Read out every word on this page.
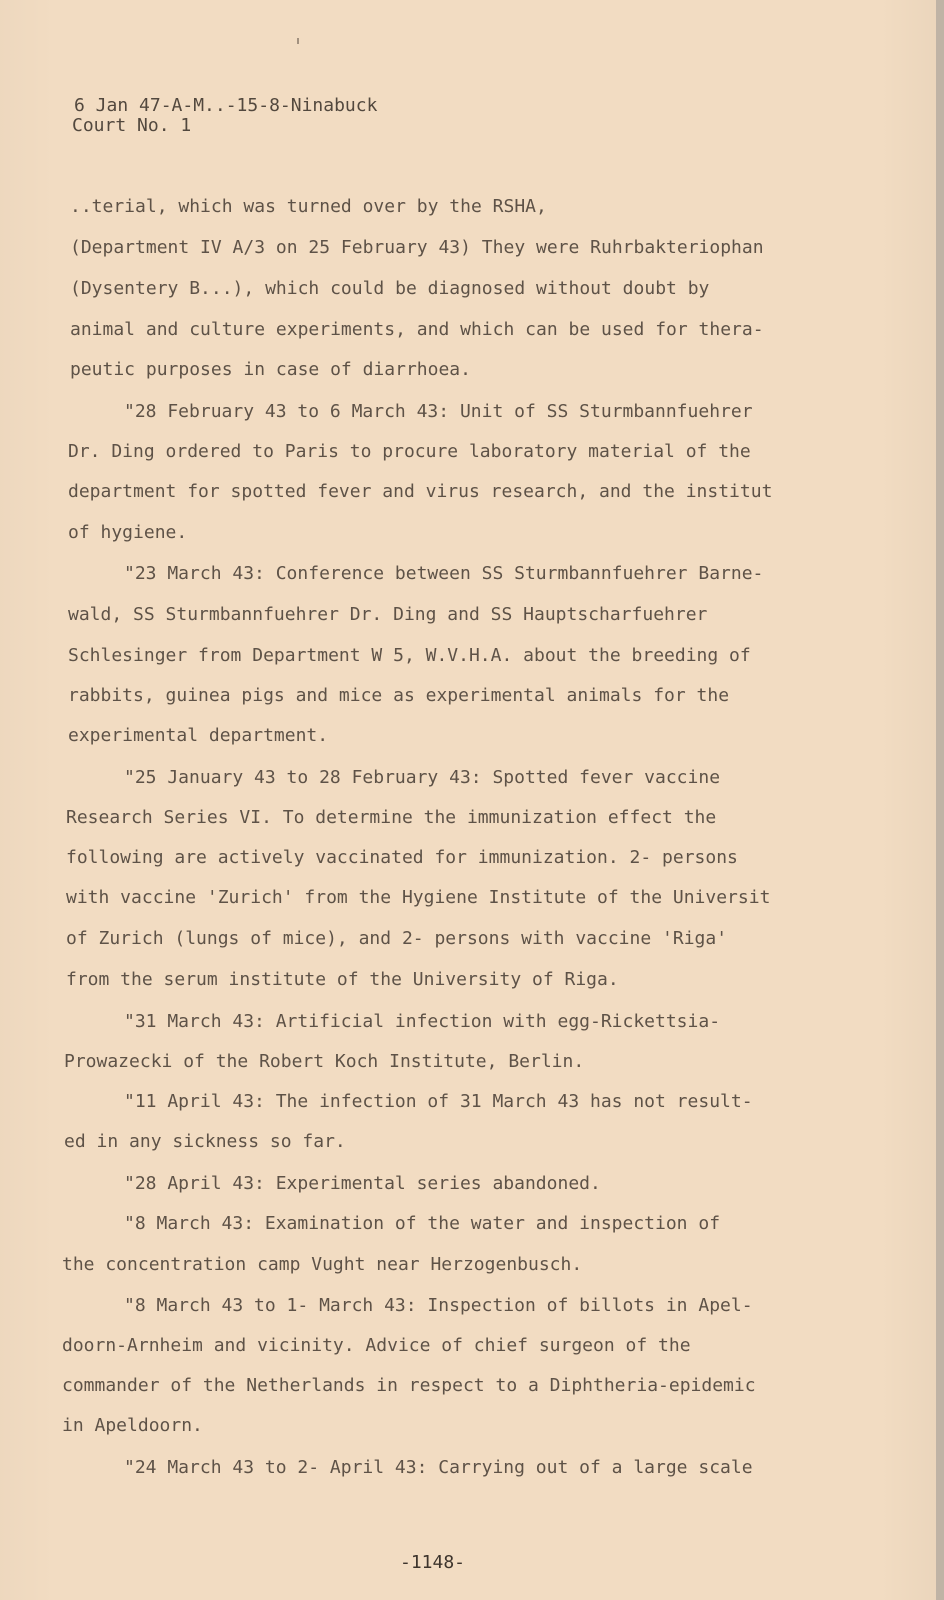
6 Jan 47-A-M..-15-8-Ninabuck

Court No. 1

..terial, which was turned over by the RSHA,

(Department IV A/3 on 25 February 43) They were Ruhrbakteriophan

(Dysentery B...), which could be diagnosed without doubt by

animal and culture experiments, and which can be used for thera-

peutic purposes in case of diarrhoea.

"28 February 43 to 6 March 43: Unit of SS Sturmbannfuehrer

Dr. Ding ordered to Paris to procure laboratory material of the

department for spotted fever and virus research, and the institut

of hygiene.

"23 March 43: Conference between SS Sturmbannfuehrer Barne-

wald, SS Sturmbannfuehrer Dr. Ding and SS Hauptscharfuehrer

Schlesinger from Department W 5, W.V.H.A. about the breeding of

rabbits, guinea pigs and mice as experimental animals for the

experimental department.

"25 January 43 to 28 February 43: Spotted fever vaccine

Research Series VI. To determine the immunization effect the

following are actively vaccinated for immunization. 2- persons

with vaccine 'Zurich' from the Hygiene Institute of the Universit

of Zurich (lungs of mice), and 2- persons with vaccine 'Riga'

from the serum institute of the University of Riga.

"31 March 43: Artificial infection with egg-Rickettsia-

Prowazecki of the Robert Koch Institute, Berlin.

"11 April 43: The infection of 31 March 43 has not result-

ed in any sickness so far.

"28 April 43: Experimental series abandoned.

"8 March 43: Examination of the water and inspection of

the concentration camp Vught near Herzogenbusch.

"8 March 43 to 1- March 43: Inspection of billots in Apel-

doorn-Arnheim and vicinity. Advice of chief surgeon of the

commander of the Netherlands in respect to a Diphtheria-epidemic

in Apeldoorn.

"24 March 43 to 2- April 43: Carrying out of a large scale

-1148-
